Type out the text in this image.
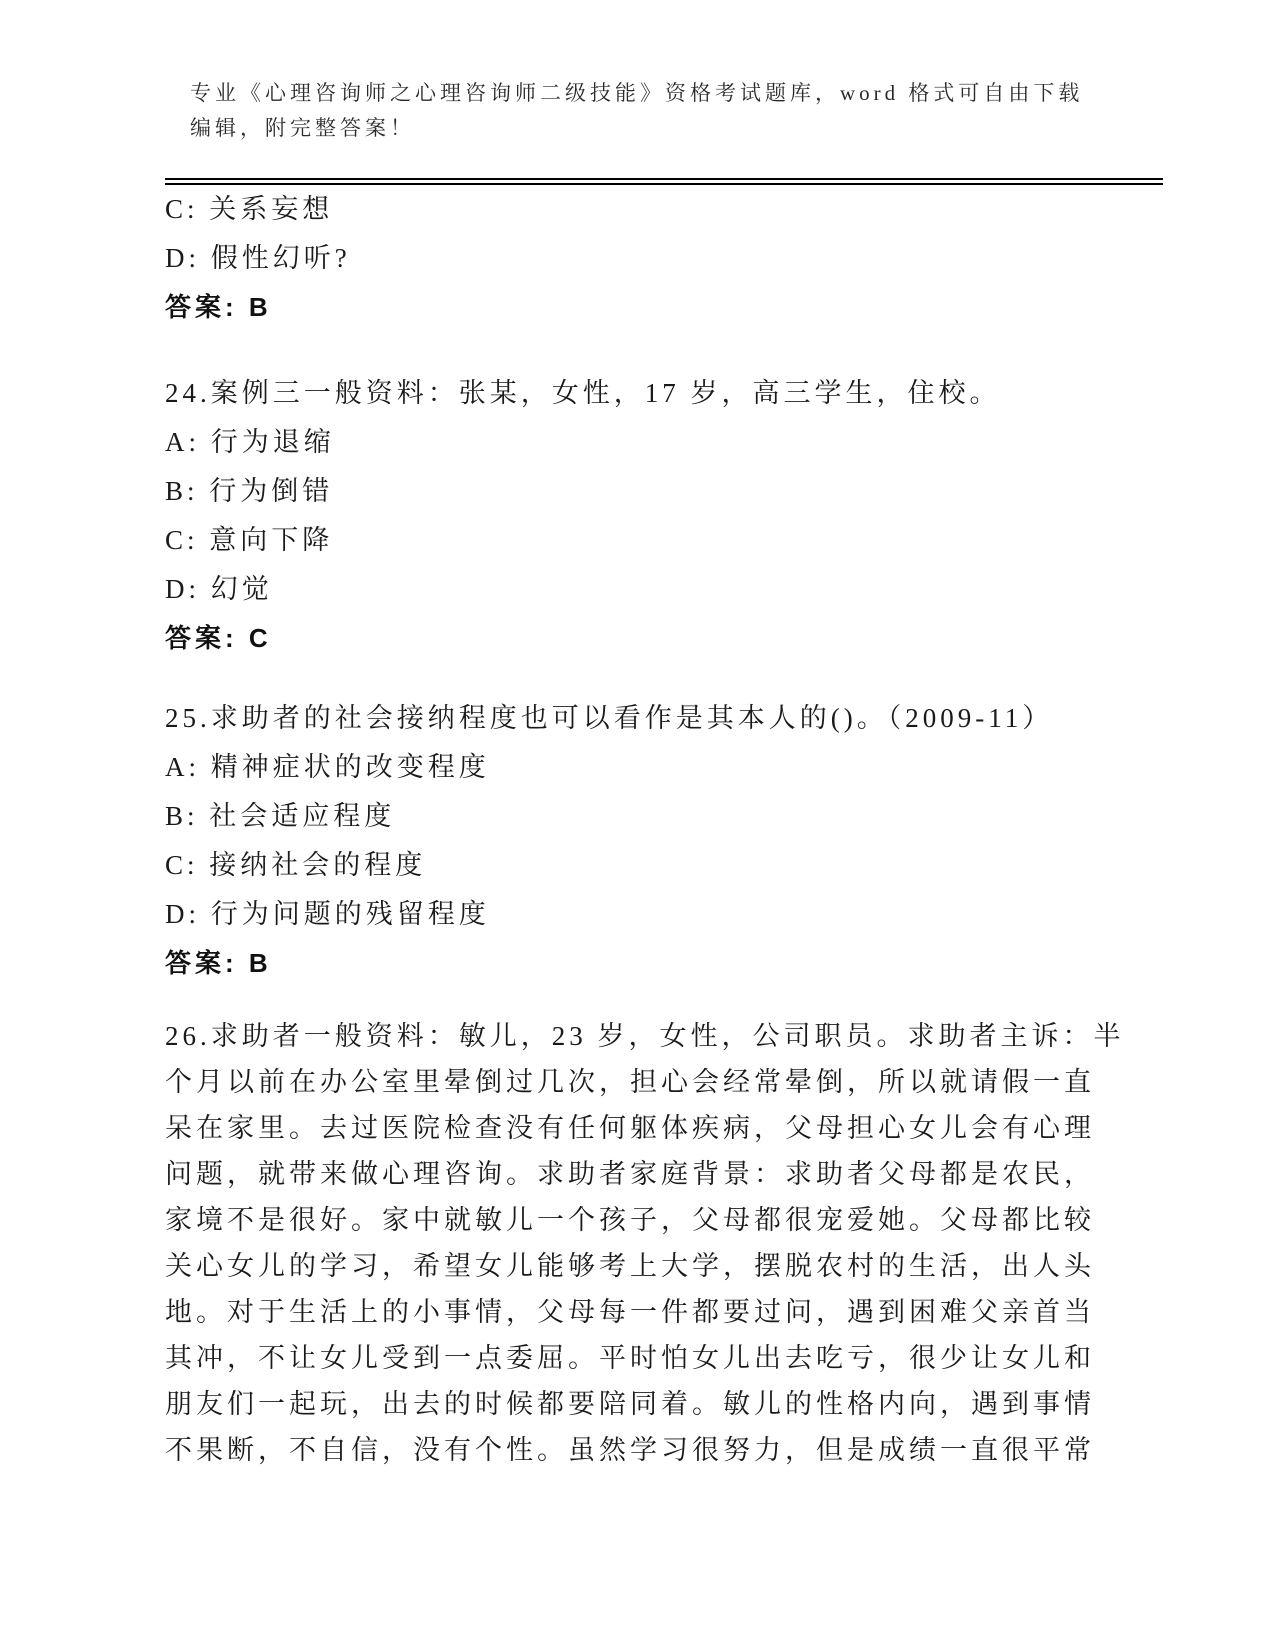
专业《心理咨询师之心理咨询师二级技能》资格考试题库，word 格式可自由下载
编辑，附完整答案！
C: 关系妄想
D: 假性幻听?
答案: B
24.案例三一般资料：张某，女性，17 岁，高三学生，住校。
A: 行为退缩
B: 行为倒错
C: 意向下降
D: 幻觉
答案: C
25.求助者的社会接纳程度也可以看作是其本人的()。（2009-11）
A: 精神症状的改变程度
B: 社会适应程度
C: 接纳社会的程度
D: 行为问题的残留程度
答案: B
26.求助者一般资料：敏儿，23 岁，女性，公司职员。求助者主诉：半
个月以前在办公室里晕倒过几次，担心会经常晕倒，所以就请假一直
呆在家里。去过医院检查没有任何躯体疾病，父母担心女儿会有心理
问题，就带来做心理咨询。求助者家庭背景：求助者父母都是农民，
家境不是很好。家中就敏儿一个孩子，父母都很宠爱她。父母都比较
关心女儿的学习，希望女儿能够考上大学，摆脱农村的生活，出人头
地。对于生活上的小事情，父母每一件都要过问，遇到困难父亲首当
其冲，不让女儿受到一点委屈。平时怕女儿出去吃亏，很少让女儿和
朋友们一起玩，出去的时候都要陪同着。敏儿的性格内向，遇到事情
不果断，不自信，没有个性。虽然学习很努力，但是成绩一直很平常
